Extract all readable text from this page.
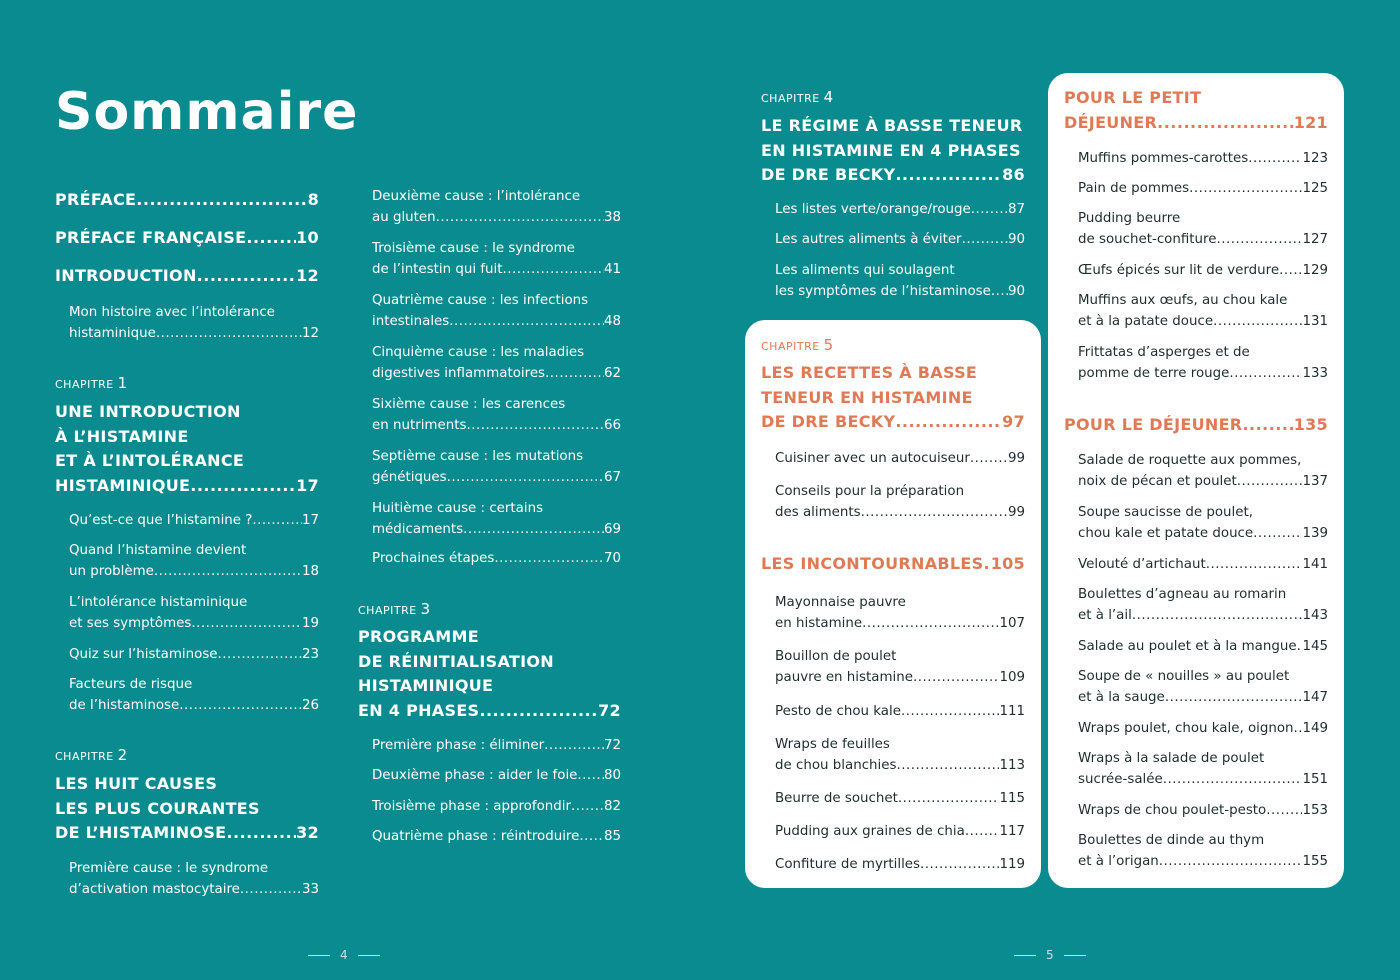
Sommaire
PRÉFACE .....	8
PRÉFACE FRANÇAISE .....	10
INTRODUCTION .....	12
Mon histoire avec l’intolérance
histaminique .....	12
CHAPITRE 1
UNE INTRODUCTION
À L’HISTAMINE
ET À L’INTOLÉRANCE
HISTAMINIQUE .....	17
Qu’est-ce que l’histamine ? .....	17
Quand l’histamine devient
un problème .....	18
L’intolérance histaminique
et ses symptômes .....	19
Quiz sur l’histaminose .....	23
Facteurs de risque
de l’histaminose .....	26
CHAPITRE 2
LES HUIT CAUSES
LES PLUS COURANTES
DE L’HISTAMINOSE .....	32
Première cause : le syndrome
d’activation mastocytaire .....	33
Deuxième cause : l’intolérance
au gluten .....	38
Troisième cause : le syndrome
de l’intestin qui fuit .....	41
Quatrième cause : les infections
intestinales .....	48
Cinquième cause : les maladies
digestives inflammatoires .....	62
Sixième cause : les carences
en nutriments .....	66
Septième cause : les mutations
génétiques .....	67
Huitième cause : certains
médicaments .....	69
Prochaines étapes .....	70
CHAPITRE 3
PROGRAMME
DE RÉINITIALISATION
HISTAMINIQUE
EN 4 PHASES .....	72
Première phase : éliminer .....	72
Deuxième phase : aider le foie ..... 80
Troisième phase : approfondir ..... 82
Quatrième phase : réintroduire ..... 85
CHAPITRE 4
LE RÉGIME À BASSE TENEUR
EN HISTAMINE EN 4 PHASES
DE DRE BECKY .....	86
Les listes verte/orange/rouge .....	87
Les autres aliments à éviter .....	90
Les aliments qui soulagent
les symptômes de l’histaminose ..... 90
CHAPITRE 5
LES RECETTES À BASSE
TENEUR EN HISTAMINE
DE DRE BECKY .....	97
Cuisiner avec un autocuiseur .....	99
Conseils pour la préparation
des aliments .....	99
LES INCONTOURNABLES ..... 105
Mayonnaise pauvre
en histamine .....	107
Bouillon de poulet
pauvre en histamine .....	109
Pesto de chou kale .....	111
Wraps de feuilles
de chou blanchies .....	113
Beurre de souchet .....	115
Pudding aux graines de chia .....	117
Confiture de myrtilles .....	119
POUR LE PETIT
DÉJEUNER .....	121
Muffins pommes-carottes .....	123
Pain de pommes .....	125
Pudding beurre
de souchet-confiture .....	127
Œufs épicés sur lit de verdure ..... 129
Muffins aux œufs, au chou kale
et à la patate douce .....	131
Frittatas d’asperges et de
pomme de terre rouge .....	133
POUR LE DÉJEUNER .....	135
Salade de roquette aux pommes,
noix de pécan et poulet .....	137
Soupe saucisse de poulet,
chou kale et patate douce .....	139
Velouté d’artichaut .....	141
Boulettes d’agneau au romarin
et à l’ail .....	143
Salade au poulet et à la mangue ..... 145
Soupe de « nouilles » au poulet
et à la sauge .....	147
Wraps poulet, chou kale, oignon ..... 149
Wraps à la salade de poulet
sucrée-salée .....	151
Wraps de chou poulet-pesto .....	153
Boulettes de dinde au thym
et à l’origan .....	155
4	5
